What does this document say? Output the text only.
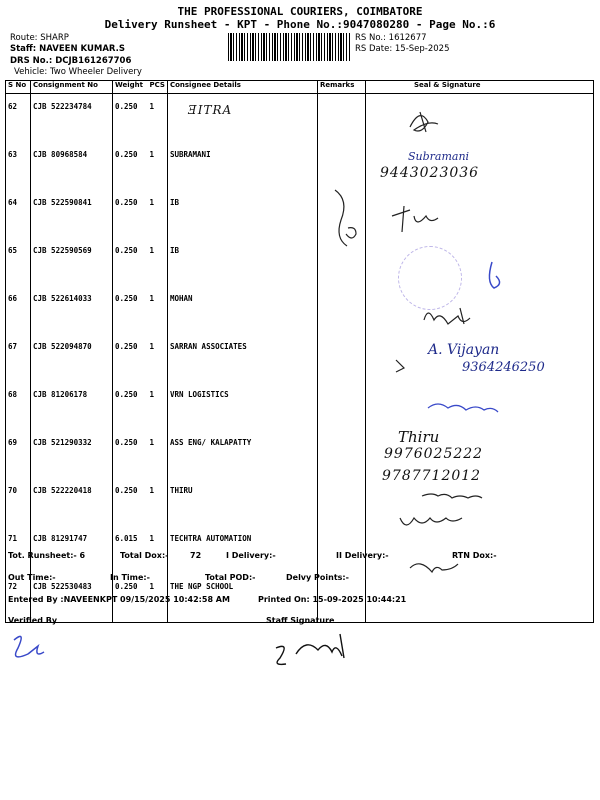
THE PROFESSIONAL COURIERS, COIMBATORE
Delivery Runsheet - KPT - Phone No.:9047080280 - Page No.:6
Route: SHARP
Staff: NAVEEN KUMAR.S
DRS No.: DCJB161267706
Vehicle: Two Wheeler Delivery
RS No.: 1612677
RS Date: 15-Sep-2025
S No	Consignment No	Weight	PCS	Consignee Details	Remarks	Seal & Signature
62	CJB 522234784	0.250	1			
63	CJB 80968584	0.250	1	SUBRAMANI		
64	CJB 522590841	0.250	1	IB		
65	CJB 522590569	0.250	1	IB		
66	CJB 522614033	0.250	1	MOHAN		
67	CJB 522094870	0.250	1	SARRAN ASSOCIATES		
68	CJB 81206178	0.250	1	VRN LOGISTICS		
69	CJB 521290332	0.250	1	ASS ENG/ KALAPATTY		
70	CJB 522220418	0.250	1	THIRU		
71	CJB 81291747	6.015	1	TECHTRA AUTOMATION		
72	CJB 522530483	0.250	1	THE NGP SCHOOL		
ƎITRA
Subramani
9443023036
A. Vijayan
9364246250
Thiru
9976025222
9787712012
Tot. Runsheet:- 6	Total Dox:-	72	I Delivery:-	II Delivery:-	RTN Dox:-
Out Time:-	In Time:-	Total POD:-	Delvy Points:-
Entered By :NAVEENKPT 09/15/2025 10:42:58 AM	Printed On: 15-09-2025 10:44:21
Verified By	Staff Signature
